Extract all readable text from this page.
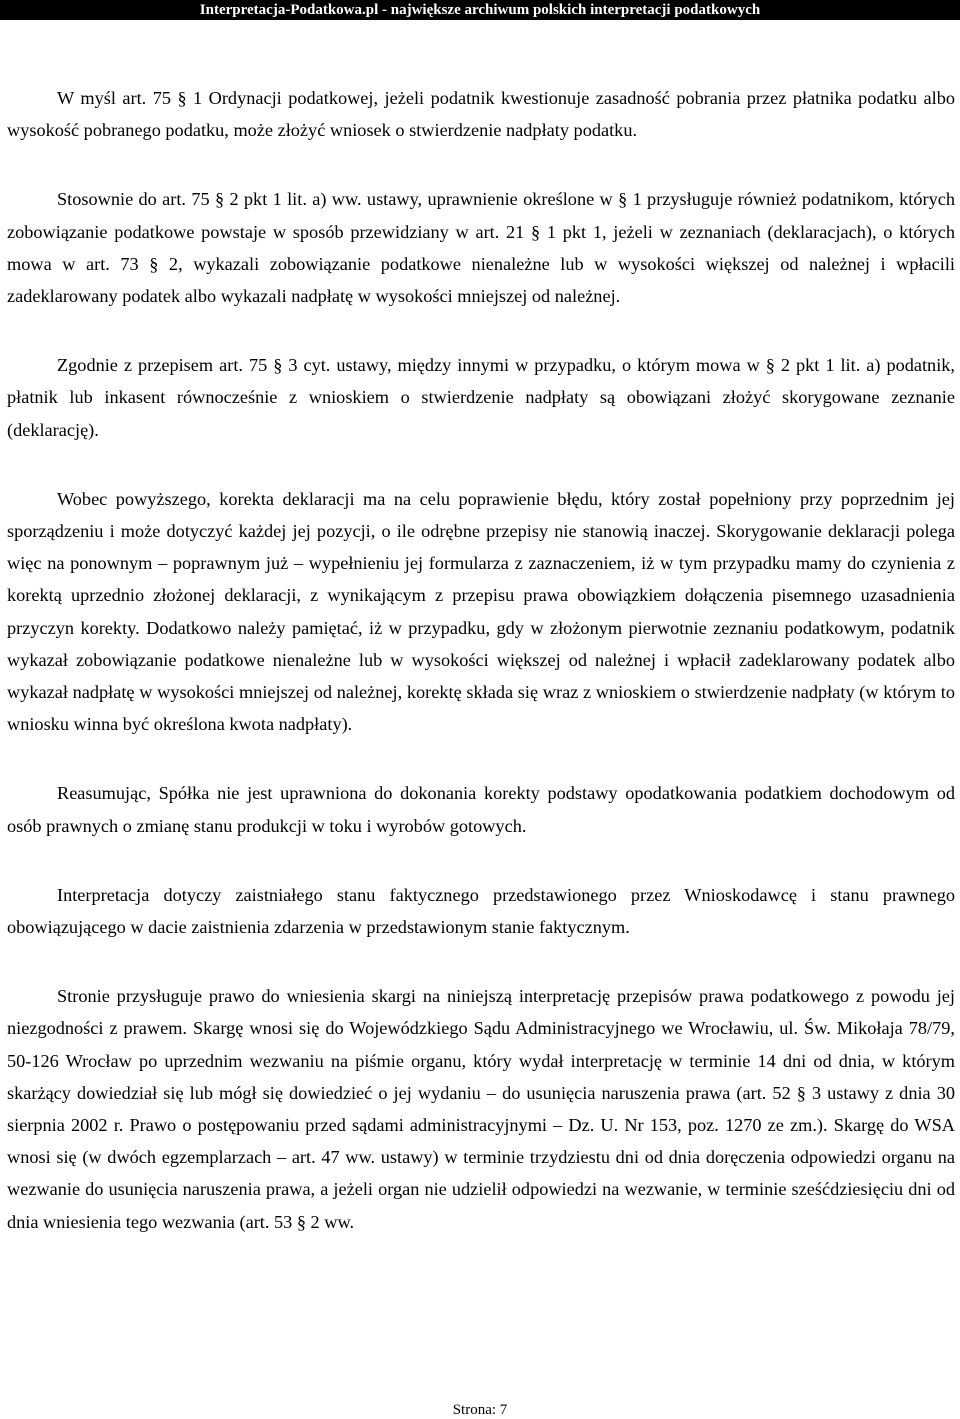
Interpretacja-Podatkowa.pl - największe archiwum polskich interpretacji podatkowych

W myśl art. 75 § 1 Ordynacji podatkowej, jeżeli podatnik kwestionuje zasadność pobrania przez płatnika podatku albo wysokość pobranego podatku, może złożyć wniosek o stwierdzenie nadpłaty podatku.

Stosownie do art. 75 § 2 pkt 1 lit. a) ww. ustawy, uprawnienie określone w § 1 przysługuje również podatnikom, których zobowiązanie podatkowe powstaje w sposób przewidziany w art. 21 § 1 pkt 1, jeżeli w zeznaniach (deklaracjach), o których mowa w art. 73 § 2, wykazali zobowiązanie podatkowe nienależne lub w wysokości większej od należnej i wpłacili zadeklarowany podatek albo wykazali nadpłatę w wysokości mniejszej od należnej.

Zgodnie z przepisem art. 75 § 3 cyt. ustawy, między innymi w przypadku, o którym mowa w § 2 pkt 1 lit. a) podatnik, płatnik lub inkasent równocześnie z wnioskiem o stwierdzenie nadpłaty są obowiązani złożyć skorygowane zeznanie (deklarację).

Wobec powyższego, korekta deklaracji ma na celu poprawienie błędu, który został popełniony przy poprzednim jej sporządzeniu i może dotyczyć każdej jej pozycji, o ile odrębne przepisy nie stanowią inaczej. Skorygowanie deklaracji polega więc na ponownym – poprawnym już – wypełnieniu jej formularza z zaznaczeniem, iż w tym przypadku mamy do czynienia z korektą uprzednio złożonej deklaracji, z wynikającym z przepisu prawa obowiązkiem dołączenia pisemnego uzasadnienia przyczyn korekty. Dodatkowo należy pamiętać, iż w przypadku, gdy w złożonym pierwotnie zeznaniu podatkowym, podatnik wykazał zobowiązanie podatkowe nienależne lub w wysokości większej od należnej i wpłacił zadeklarowany podatek albo wykazał nadpłatę w wysokości mniejszej od należnej, korektę składa się wraz z wnioskiem o stwierdzenie nadpłaty (w którym to wniosku winna być określona kwota nadpłaty).

Reasumując, Spółka nie jest uprawniona do dokonania korekty podstawy opodatkowania podatkiem dochodowym od osób prawnych o zmianę stanu produkcji w toku i wyrobów gotowych.

Interpretacja dotyczy zaistniałego stanu faktycznego przedstawionego przez Wnioskodawcę i stanu prawnego obowiązującego w dacie zaistnienia zdarzenia w przedstawionym stanie faktycznym.

Stronie przysługuje prawo do wniesienia skargi na niniejszą interpretację przepisów prawa podatkowego z powodu jej niezgodności z prawem. Skargę wnosi się do Wojewódzkiego Sądu Administracyjnego we Wrocławiu, ul. Św. Mikołaja 78/79, 50-126 Wrocław po uprzednim wezwaniu na piśmie organu, który wydał interpretację w terminie 14 dni od dnia, w którym skarżący dowiedział się lub mógł się dowiedzieć o jej wydaniu – do usunięcia naruszenia prawa (art. 52 § 3 ustawy z dnia 30 sierpnia 2002 r. Prawo o postępowaniu przed sądami administracyjnymi – Dz. U. Nr 153, poz. 1270 ze zm.). Skargę do WSA wnosi się (w dwóch egzemplarzach – art. 47 ww. ustawy) w terminie trzydziestu dni od dnia doręczenia odpowiedzi organu na wezwanie do usunięcia naruszenia prawa, a jeżeli organ nie udzielił odpowiedzi na wezwanie, w terminie sześćdziesięciu dni od dnia wniesienia tego wezwania (art. 53 § 2 ww.

Strona: 7
